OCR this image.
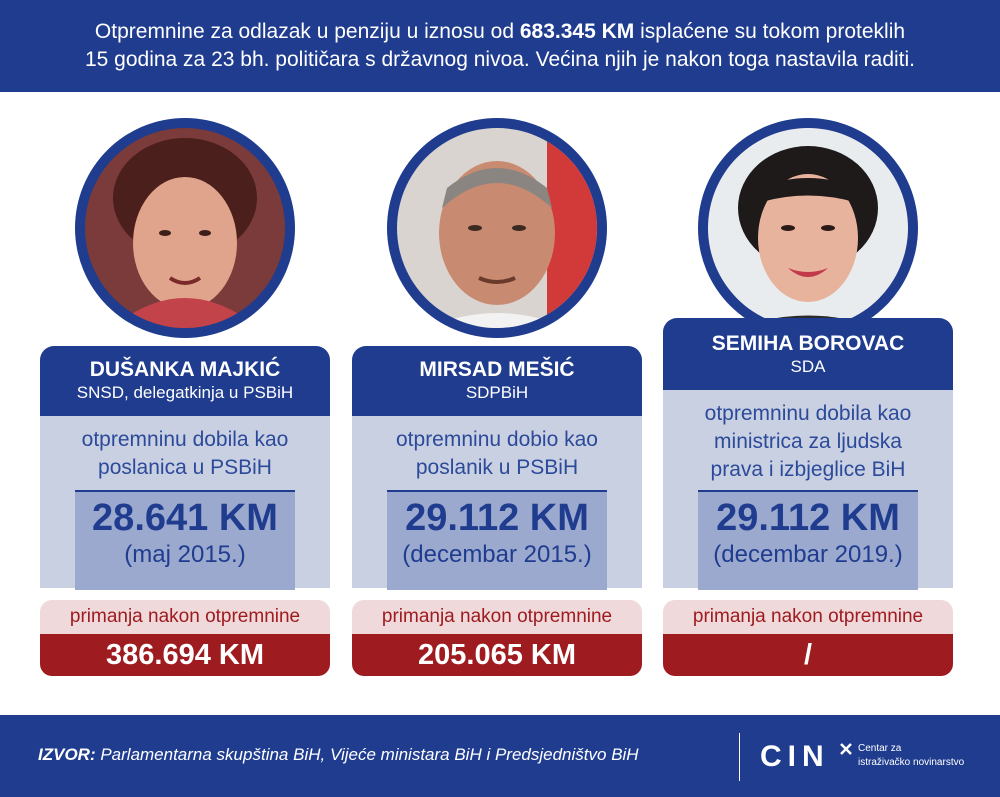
Otpremnine za odlazak u penziju u iznosu od 683.345 KM isplaćene su tokom proteklih
15 godina za 23 bh. političara s državnog nivoa. Većina njih je nakon toga nastavila raditi.
DUŠANKA MAJKIĆ
SNSD, delegatkinja u PSBiH
otpremninu dobila kao
poslanica u PSBiH
28.641 KM
(maj 2015.)
primanja nakon otpremnine
386.694 KM
MIRSAD MEŠIĆ
SDPBiH
otpremninu dobio kao
poslanik u PSBiH
29.112 KM
(decembar 2015.)
primanja nakon otpremnine
205.065 KM
SEMIHA BOROVAC
SDA
otpremninu dobila kao
ministrica za ljudska
prava i izbjeglice BiH
29.112 KM
(decembar 2019.)
primanja nakon otpremnine
/
IZVOR: Parlamentarna skupština BiH, Vijeće ministara BiH i Predsjedništvo BiH	CIN	Centar za
istraživačko novinarstvo
